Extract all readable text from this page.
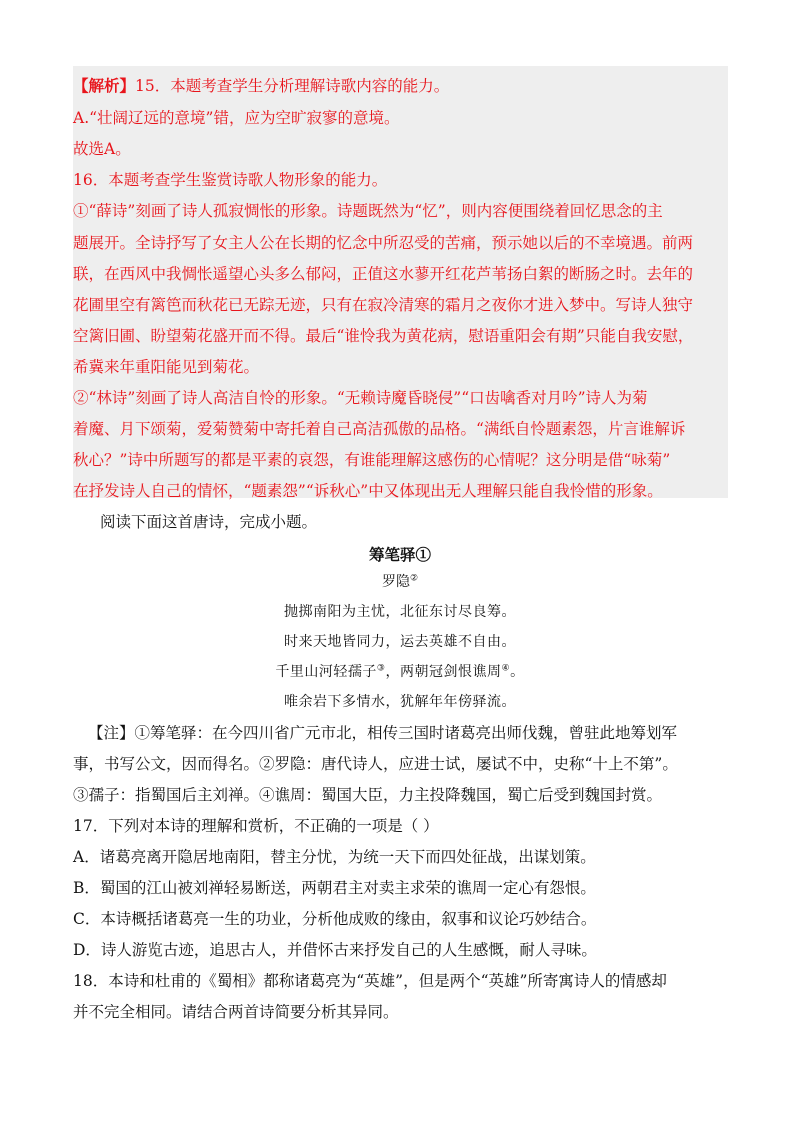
【解析】15．本题考查学生分析理解诗歌内容的能力。
A.“壮阔辽远的意境”错，应为空旷寂寥的意境。
故选A。
16．本题考查学生鉴赏诗歌人物形象的能力。
①“薛诗”刻画了诗人孤寂惆怅的形象。诗题既然为“忆”，则内容便围绕着回忆思念的主
题展开。全诗抒写了女主人公在长期的忆念中所忍受的苦痛，预示她以后的不幸境遇。前两
联，在西风中我惆怅遥望心头多么郁闷，正值这水蓼开红花芦苇扬白絮的断肠之时。去年的
花圃里空有篱笆而秋花已无踪无迹，只有在寂冷清寒的霜月之夜你才进入梦中。写诗人独守
空篱旧圃、盼望菊花盛开而不得。最后“谁怜我为黄花病，慰语重阳会有期”只能自我安慰，
希冀来年重阳能见到菊花。
②“林诗”刻画了诗人高洁自怜的形象。“无赖诗魔昏晓侵”“口齿噙香对月吟”诗人为菊
着魔、月下颂菊，爱菊赞菊中寄托着自己高洁孤傲的品格。“满纸自怜题素怨，片言谁解诉
秋心？”诗中所题写的都是平素的哀怨，有谁能理解这感伤的心情呢？这分明是借“咏菊”
在抒发诗人自己的情怀，“题素怨”“诉秋心”中又体现出无人理解只能自我怜惜的形象。
阅读下面这首唐诗，完成小题。
筹笔驿①
罗隐②
抛掷南阳为主忧，北征东讨尽良筹。
时来天地皆同力，运去英雄不自由。
千里山河轻孺子③，两朝冠剑恨谯周④。
唯余岩下多情水，犹解年年傍驿流。
【注】①筹笔驿：在今四川省广元市北，相传三国时诸葛亮出师伐魏，曾驻此地筹划军
事，书写公文，因而得名。②罗隐：唐代诗人，应进士试，屡试不中，史称“十上不第”。
③孺子：指蜀国后主刘禅。④谯周：蜀国大臣，力主投降魏国，蜀亡后受到魏国封赏。
17．下列对本诗的理解和赏析，不正确的一项是（ ）
A．诸葛亮离开隐居地南阳，替主分忧，为统一天下而四处征战，出谋划策。
B．蜀国的江山被刘禅轻易断送，两朝君主对卖主求荣的谯周一定心有怨恨。
C．本诗概括诸葛亮一生的功业，分析他成败的缘由，叙事和议论巧妙结合。
D．诗人游览古迹，追思古人，并借怀古来抒发自己的人生感慨，耐人寻味。
18．本诗和杜甫的《蜀相》都称诸葛亮为“英雄”，但是两个“英雄”所寄寓诗人的情感却
并不完全相同。请结合两首诗简要分析其异同。
